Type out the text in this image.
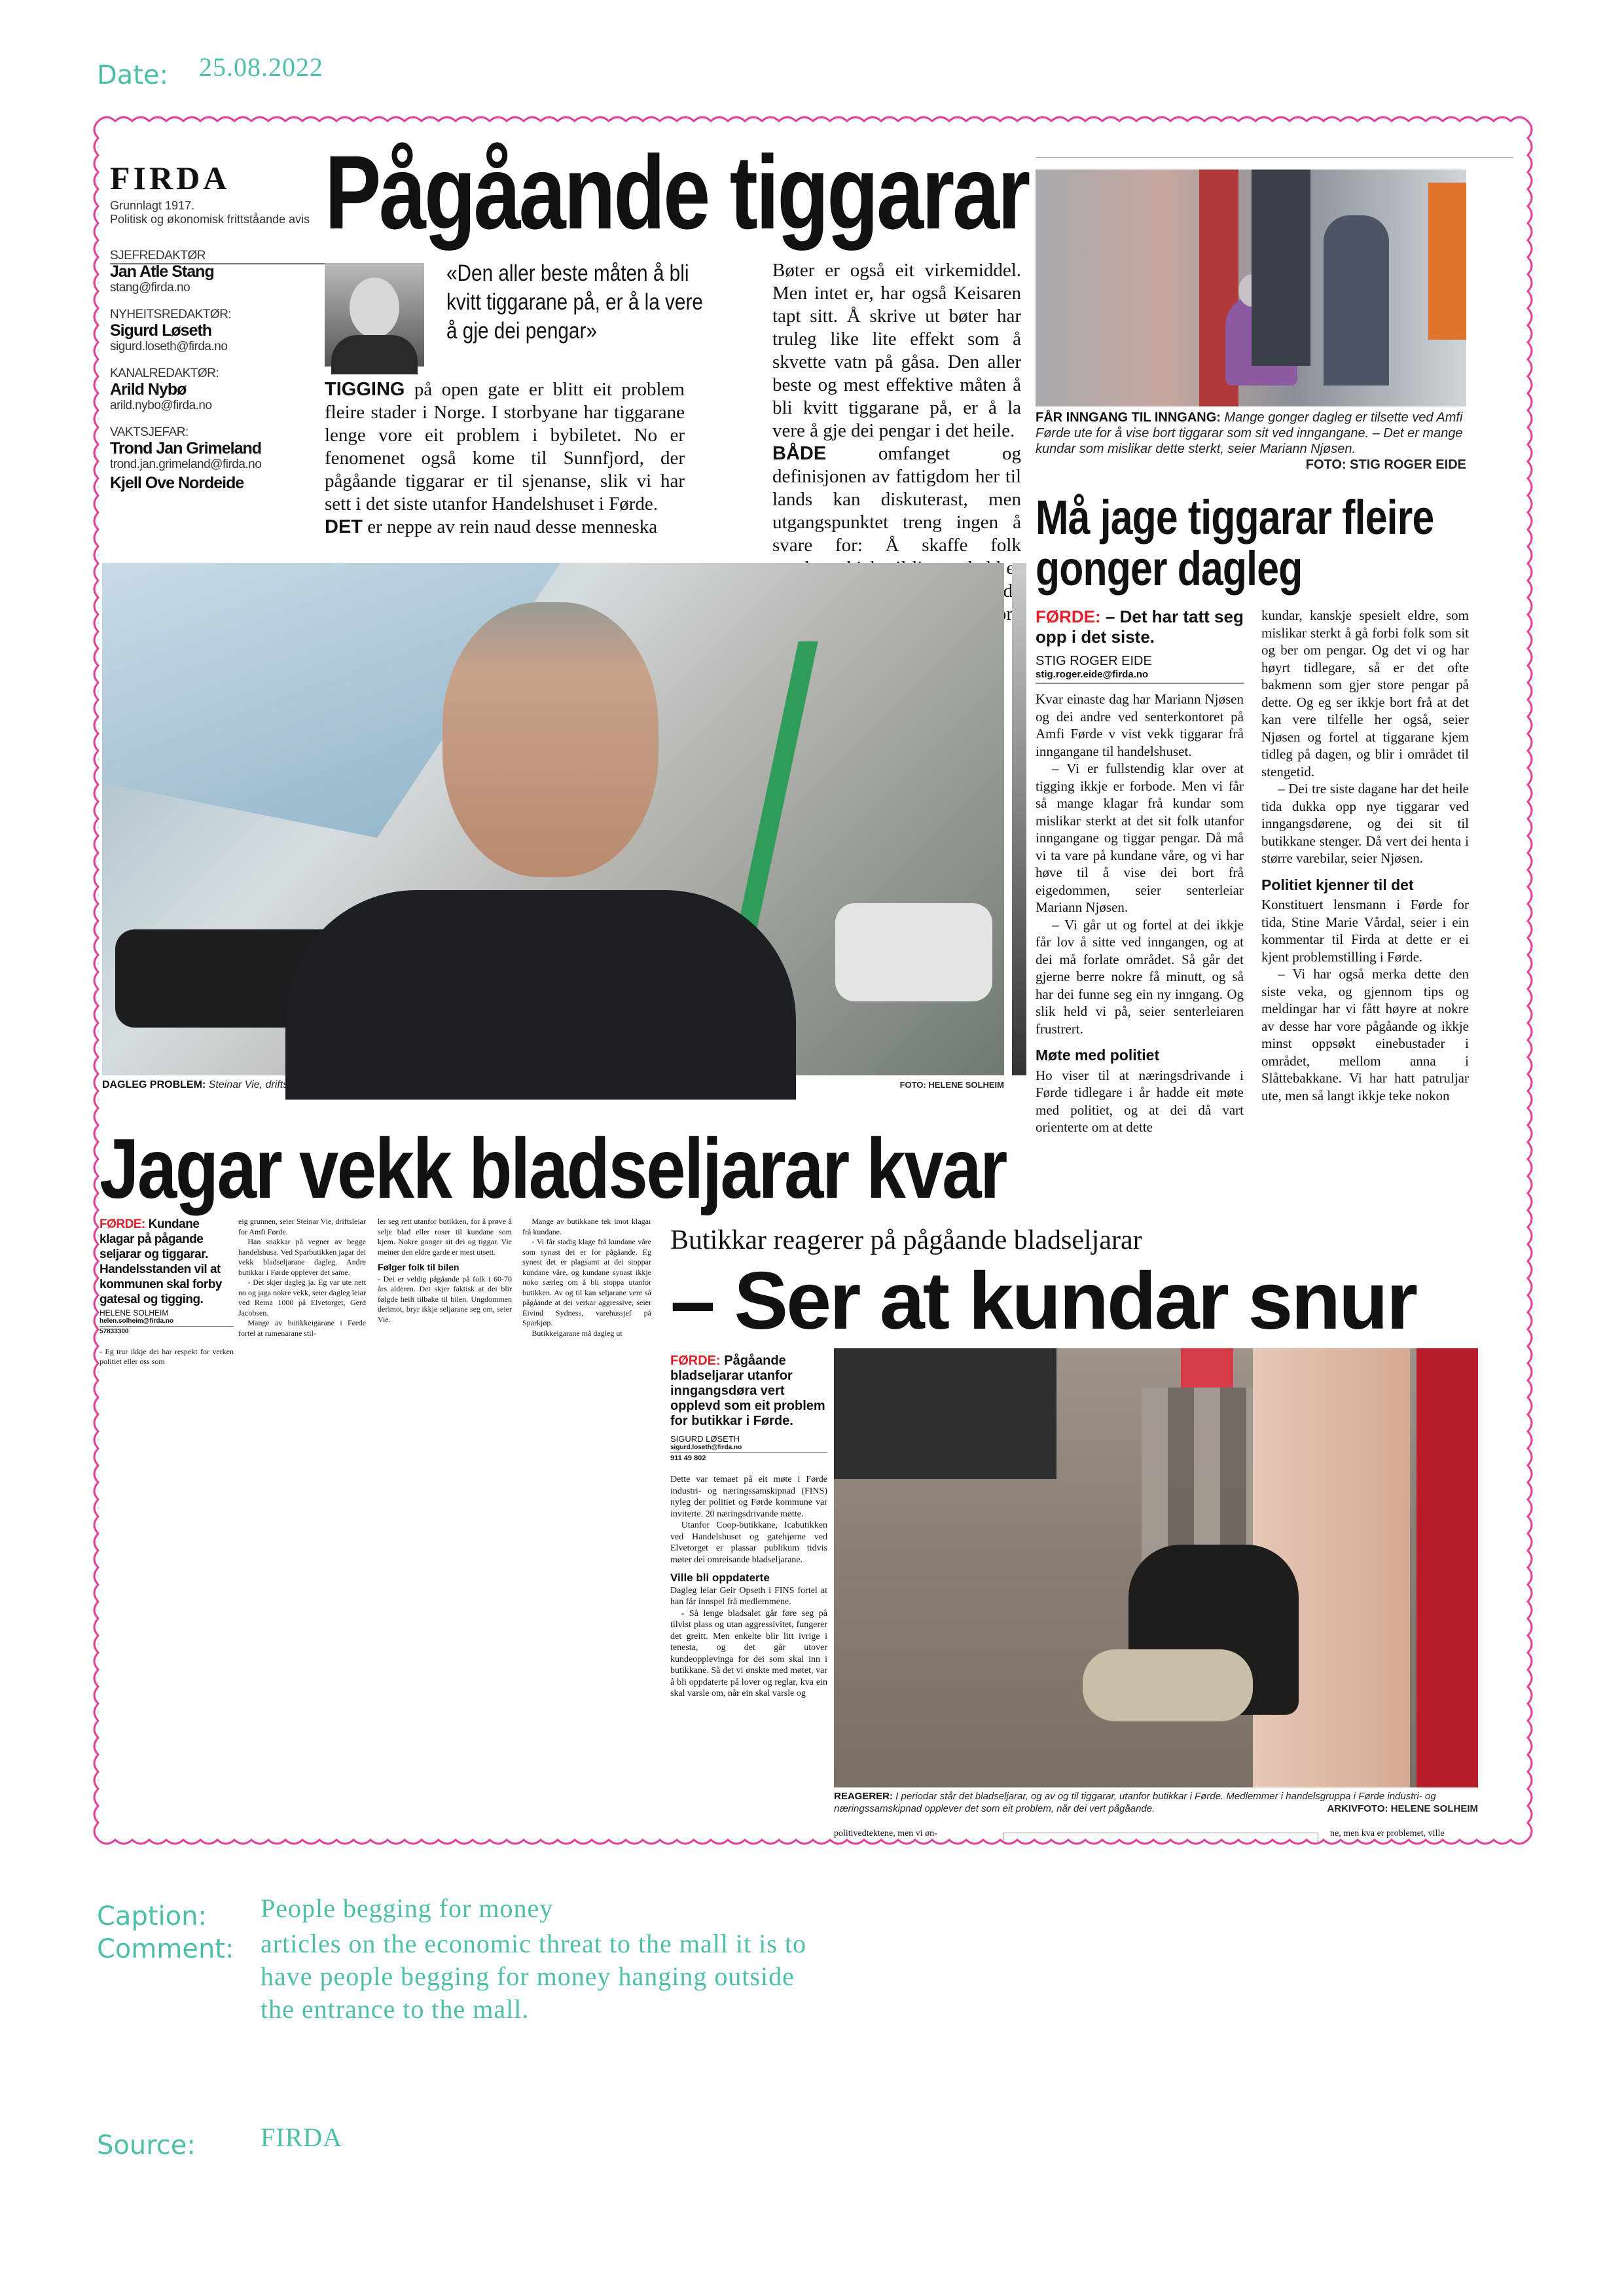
Date: 25.08.2022
FIRDA
Grunnlagt 1917.
Politisk og økonomisk frittståande avis
SJEFREDAKTØR
Jan Atle Stang
stang@firda.no
NYHEITSREDAKTØR:
Sigurd Løseth
sigurd.loseth@firda.no
KANALREDAKTØR:
Arild Nybø
arild.nybo@firda.no
VAKTSJEFAR:
Trond Jan Grimeland
trond.jan.grimeland@firda.no
Kjell Ove Nordeide
Pågåande tiggarar
«Den aller beste måten å bli kvitt tiggarane på, er å la vere å gje dei pengar»

TIGGING på open gate er blitt eit problem fleire stader i Norge. I storbyane har tiggarane lenge vore eit problem i bybiletet. No er fenomenet også kome til Sunnfjord, der pågåande tiggarar er til sjenanse, slik vi har sett i det siste utanfor Handelshuset i Førde.

DET er neppe av rein naud desse menneska

Bøter er også eit virkemiddel. Men intet er, har også Keisaren tapt sitt. Å skrive ut bøter har truleg like lite effekt som å skvette vatn på gåsa. Den aller beste og mest effektive måten å bli kvitt tiggarane på, er å la vere å gje dei pengar i det heile.

BÅDE	omfanget og definisjonen av fattigdom her til lands kan diskuterast, men utgangspunktet treng ingen å svare for: Å skaffe folk tida om

DAGLEG PROBLEM: Steinar Vie, driftsleiar ved Amfi Førde Handelshuset, fortvilar over rumenarar som står i Førde sentrum.	FOTO: HELENE SOLHEIM
FÅR INNGANG TIL INNGANG: Mange gonger dagleg er tilsette ved Amfi Førde ute for å vise bort tiggarar som sit ved inngangane. – Det er mange kundar som mislikar dette sterkt, seier Mariann Njøsen.
FOTO: STIG ROGER EIDE
Må jage tiggarar fleire gonger dagleg
FØRDE: – Det har tatt seg opp i det siste.
STIG ROGER EIDE
stig.roger.eide@firda.no

Kvar einaste dag har Mariann Njøsen og dei andre ved senterkontoret på Amfi Førde v vist vekk tiggarar frå inngangane til handelshuset.

– Vi er fullstendig klar over at tigging ikkje er forbode. Men vi får så mange klagar frå kundar som mislikar sterkt at det sit folk utanfor inngangane og tiggar pengar. Då må vi ta vare på kundane våre, og vi har høve til å vise dei bort frå eigedommen, seier senterleiar Mariann Njøsen.

– Vi går ut og fortel at dei ikkje får lov å sitte ved inngangen, og at dei må forlate området. Så går det gjerne berre nokre få minutt, og så har dei funne seg ein ny inngang. Og slik held vi på, seier senterleiaren frustrert.

Møte med politiet

Ho viser til at næringsdrivande i Førde tidlegare i år hadde eit møte med politiet, og at dei då vart orienterte om at dette

kundar, kanskje spesielt eldre, som mislikar sterkt å gå forbi folk som sit og ber om pengar. Og det vi og har høyrt tidlegare, så er det ofte bakmenn som gjer store pengar på dette. Og eg ser ikkje bort frå at det kan vere tilfelle her også, seier Njøsen og fortel at tiggarane kjem tidleg på dagen, og blir i området til stengetid.

– Dei tre siste dagane har det heile tida dukka opp nye tiggarar ved inngangsdørene, og dei sit til butikkane stenger. Då vert dei henta i større varebilar, seier Njøsen.

Politiet kjenner til det

Konstituert lensmann i Førde for tida, Stine Marie Vårdal, seier i ein kommentar til Firda at dette er ei kjent problemstilling i Førde.

– Vi har også merka dette den siste veka, og gjennom tips og meldingar har vi fått høyre at nokre av desse har vore pågåande og ikkje minst oppsøkt einebustader i området, mellom anna i Slåttebakkane. Vi har hatt patruljar ute, men så langt ikkje teke nokon

Jagar vekk bladseljarar kvar
FØRDE: Kundane klagar på pågande seljarar og tiggarar. Handelsstanden vil at kommunen skal forby gatesal og tigging.
HELENE SOLHEIM
helen.solheim@firda.no
57833300
- Eg trur ikkje dei har respekt for verken politiet eller oss som

eig grunnen, seier Steinar Vie, driftsleiar for Amfi Førde.

Han snakkar på vegner av begge handelshusa. Ved Sparbutikken jagar dei vekk bladseljarane dagleg. Andre butikkar i Førde opplever det same.

- Det skjer dagleg ja. Eg var ute nett no og jaga nokre vekk, seier dagleg leiar ved Rema 1000 på Elvetorget, Gerd Jacobsen.

Mange av butikkeigarane i Førde fortel at rumenarane stil-

ler seg rett utanfor butikken, for å prøve å selje blad eller roser til kundane som kjem. Nokre gonger sit dei og tiggar. Vie meiner den eldre garde er mest utsett.

Følger folk til bilen

- Dei er veldig pågåande på folk i 60-70 års alderen. Det skjer faktisk at dei blir følgde heilt tilbake til bilen. Ungdommen derimot, bryr ikkje seljarane seg om, seier Vie.

Mange av butikkane tek imot klagar frå kundane.

- Vi får stadig klage frå kundane våre som synast dei er for pågåande. Eg synest det er plagsamt at dei stoppar kundane våre, og kundane synast ikkje noko særleg om å bli stoppa utanfor butikken. Av og til kan seljarane vere så pågåande at dei verkar aggressive, seier Eivind Sydness, varehussjef på Sparkjøp.

Butikkeigarane må dagleg ut

Butikkar reagerer på pågåande bladseljarar
– Ser at kundar snur
FØRDE: Pågåande bladseljarar utanfor inngangsdøra vert opplevd som eit problem for butikkar i Førde.
SIGURD LØSETH
sigurd.loseth@firda.no
911 49 802

Dette var temaet på eit møte i Førde industri- og næringssamskipnad (FINS) nyleg der politiet og Førde kommune var inviterte. 20 næringsdrivande møtte.

Utanfor Coop-butikkane, Icabutikken ved Handelshuset og gatehjørne ved Elvetorget er plassar publikum tidvis møter dei omreisande bladseljarane.

Ville bli oppdaterte

Dagleg leiar Geir Opseth i FINS fortel at han får innspel frå medlemmene.

- Så lenge bladsalet går føre seg på tilvist plass og utan aggressivitet, fungerer det greitt. Men enkelte blir litt ivrige i tenesta, og det går utover kundeopplevinga for dei som skal inn i butikkane. Så det vi ønskte med møtet, var å bli oppdaterte på lover og reglar, kva ein skal varsle om, når ein skal varsle og

REAGERER: I periodar står det bladseljarar, og av og til tiggarar, utanfor butikkar i Førde. Medlemmer i handelsgruppa i Førde industri- og næringssamskipnad opplever det som eit problem, når dei vert pågåande.	ARKIVFOTO: HELENE SOLHEIM
politivedtektene, men vi øn-	ne, men kva er problemet, ville
Caption: People begging for money
Comment: articles on the economic threat to the mall it is to
have people begging for money hanging outside
the entrance to the mall.
Source: FIRDA
